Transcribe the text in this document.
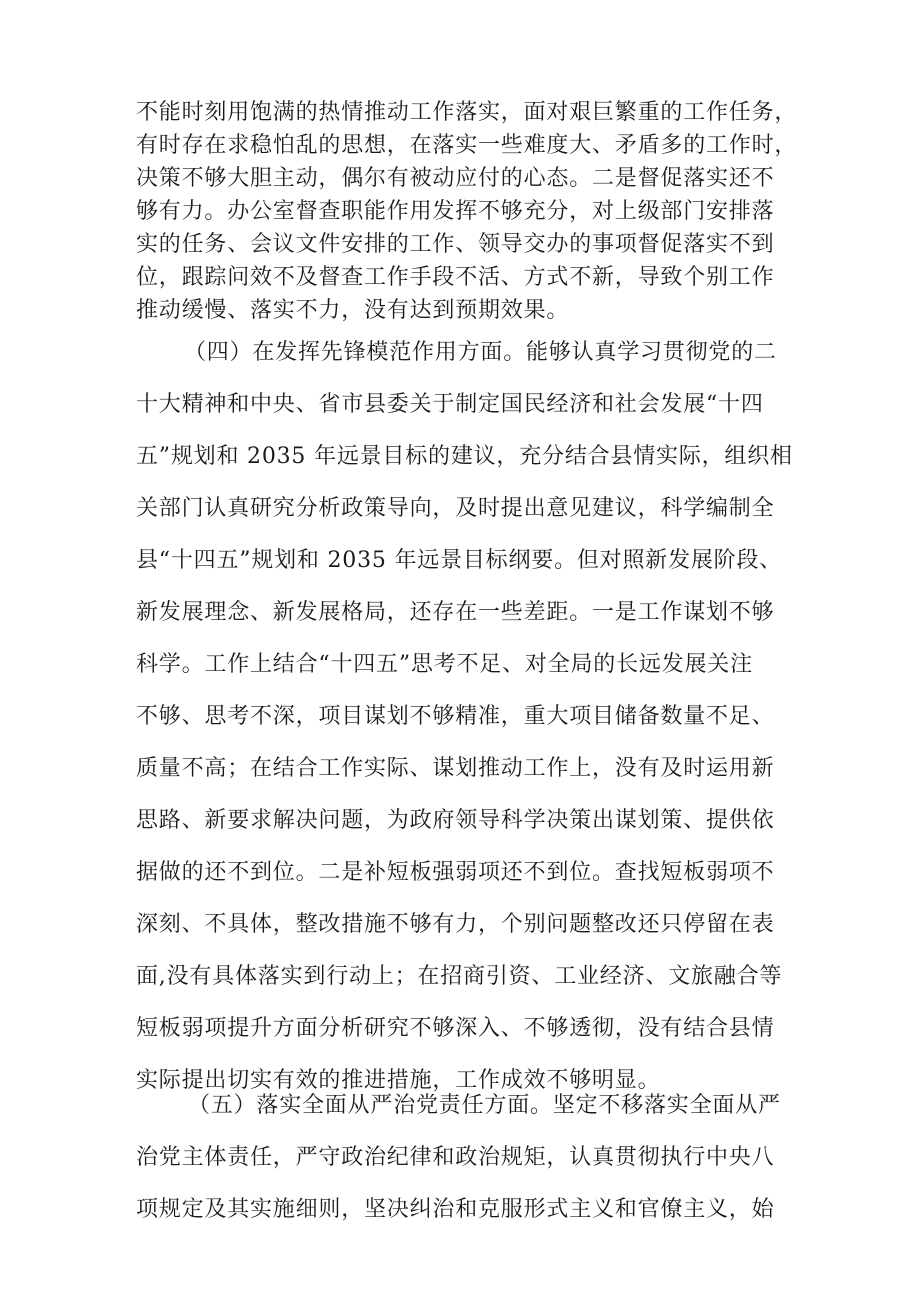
不能时刻用饱满的热情推动工作落实，面对艰巨繁重的工作任务，
有时存在求稳怕乱的思想，在落实一些难度大、矛盾多的工作时，
决策不够大胆主动，偶尔有被动应付的心态。二是督促落实还不
够有力。办公室督查职能作用发挥不够充分，对上级部门安排落
实的任务、会议文件安排的工作、领导交办的事项督促落实不到
位，跟踪问效不及督查工作手段不活、方式不新，导致个别工作
推动缓慢、落实不力，没有达到预期效果。
（四）在发挥先锋模范作用方面。能够认真学习贯彻党的二
十大精神和中央、省市县委关于制定国民经济和社会发展“十四
五”规划和 2035 年远景目标的建议，充分结合县情实际，组织相
关部门认真研究分析政策导向，及时提出意见建议，科学编制全
县“十四五”规划和 2035 年远景目标纲要。但对照新发展阶段、
新发展理念、新发展格局，还存在一些差距。一是工作谋划不够
科学。工作上结合“十四五”思考不足、对全局的长远发展关注
不够、思考不深，项目谋划不够精准，重大项目储备数量不足、
质量不高；在结合工作实际、谋划推动工作上，没有及时运用新
思路、新要求解决问题，为政府领导科学决策出谋划策、提供依
据做的还不到位。二是补短板强弱项还不到位。查找短板弱项不
深刻、不具体，整改措施不够有力，个别问题整改还只停留在表
面,没有具体落实到行动上；在招商引资、工业经济、文旅融合等
短板弱项提升方面分析研究不够深入、不够透彻，没有结合县情
实际提出切实有效的推进措施，工作成效不够明显。
（五）落实全面从严治党责任方面。坚定不移落实全面从严
治党主体责任，严守政治纪律和政治规矩，认真贯彻执行中央八
项规定及其实施细则，坚决纠治和克服形式主义和官僚主义，始
